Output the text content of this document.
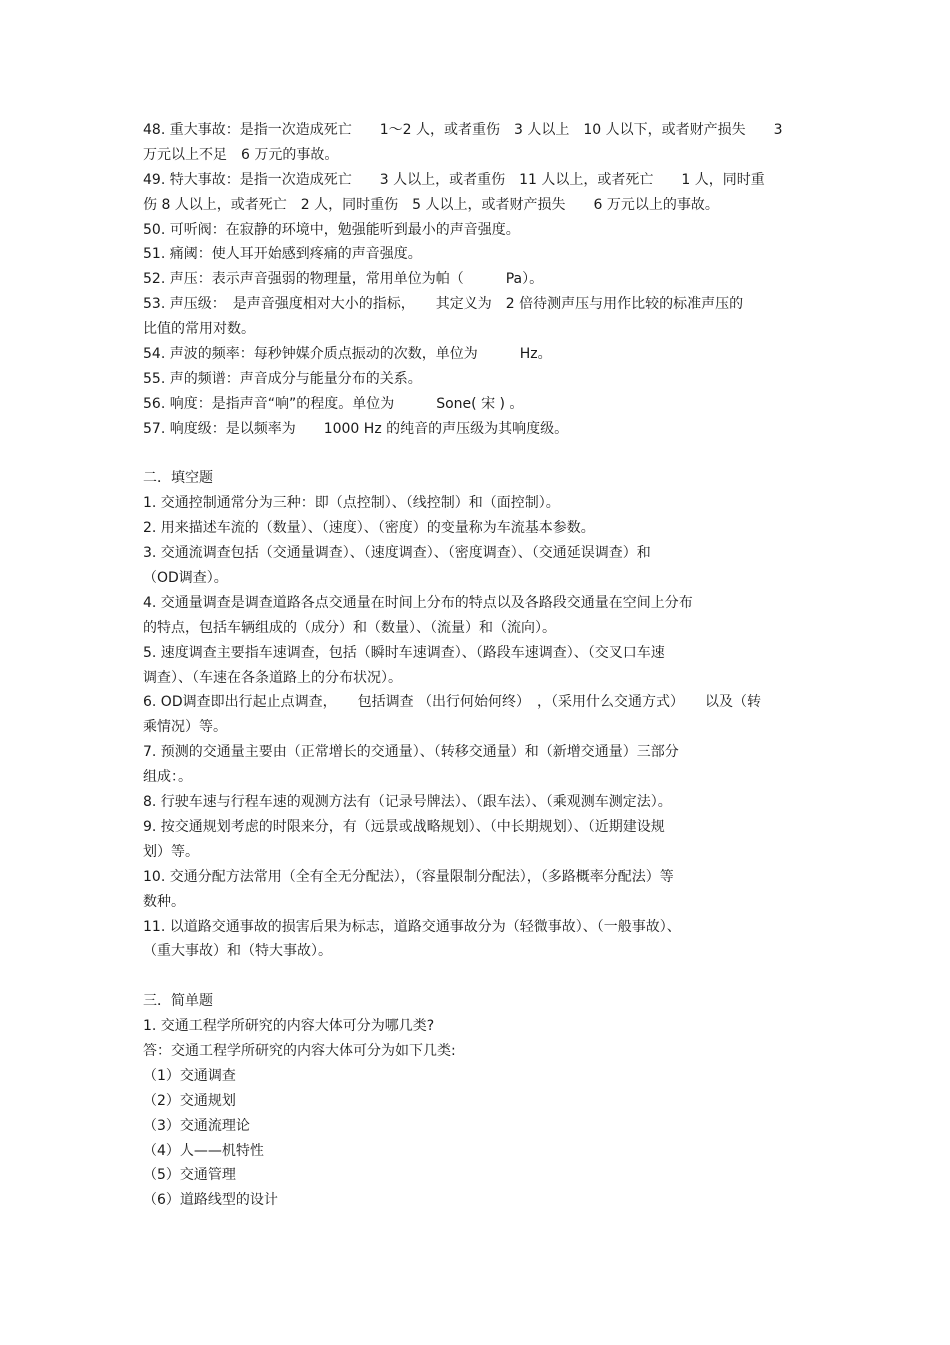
48. 重大事故：是指一次造成死亡　　1～2 人，或者重伤　3 人以上　10 人以下，或者财产损失　　3
万元以上不足　6 万元的事故。
49. 特大事故：是指一次造成死亡　　3 人以上，或者重伤　11 人以上，或者死亡　　1 人，同时重
伤 8 人以上，或者死亡　2 人，同时重伤　5 人以上，或者财产损失　　6 万元以上的事故。
50. 可听阀：在寂静的环境中，勉强能听到最小的声音强度。
51. 痛阈：使人耳开始感到疼痛的声音强度。
52. 声压：表示声音强弱的物理量，常用单位为帕（　　　Pa）。
53. 声压级：　是声音强度相对大小的指标，　　其定义为　2 倍待测声压与用作比较的标准声压的
比值的常用对数。
54. 声波的频率：每秒钟媒介质点振动的次数，单位为　　　Hz。
55. 声的频谱：声音成分与能量分布的关系。
56. 响度：是指声音“响”的程度。单位为　　　Sone( 宋 ) 。
57. 响度级：是以频率为　　1000 Hz 的纯音的声压级为其响度级。
二．填空题
1. 交通控制通常分为三种：即（点控制）、（线控制）和（面控制）。
2. 用来描述车流的（数量）、（速度）、（密度）的变量称为车流基本参数。
3. 交通流调查包括（交通量调查）、（速度调查）、（密度调查）、（交通延误调查）和
（OD调查）。
4. 交通量调查是调查道路各点交通量在时间上分布的特点以及各路段交通量在空间上分布
的特点，包括车辆组成的（成分）和（数量）、（流量）和（流向）。
5. 速度调查主要指车速调查，包括（瞬时车速调查）、（路段车速调查）、（交叉口车速
调查）、（车速在各条道路上的分布状况）。
6. OD调查即出行起止点调查，　　包括调查 （出行何始何终）　，（采用什么交通方式）　　以及（转
乘情况）等。
7. 预测的交通量主要由（正常增长的交通量）、（转移交通量）和（新增交通量）三部分
组成：。
8. 行驶车速与行程车速的观测方法有（记录号牌法）、（跟车法）、（乘观测车测定法）。
9. 按交通规划考虑的时限来分，有（远景或战略规划）、（中长期规划）、（近期建设规
划）等。
10. 交通分配方法常用（全有全无分配法），（容量限制分配法），（多路概率分配法）等
数种。
11. 以道路交通事故的损害后果为标志，道路交通事故分为（轻微事故）、（一般事故）、
（重大事故）和（特大事故）。
三．简单题
1. 交通工程学所研究的内容大体可分为哪几类?
答：交通工程学所研究的内容大体可分为如下几类:
（1）交通调查
（2）交通规划
（3）交通流理论
（4）人——机特性
（5）交通管理
（6）道路线型的设计
